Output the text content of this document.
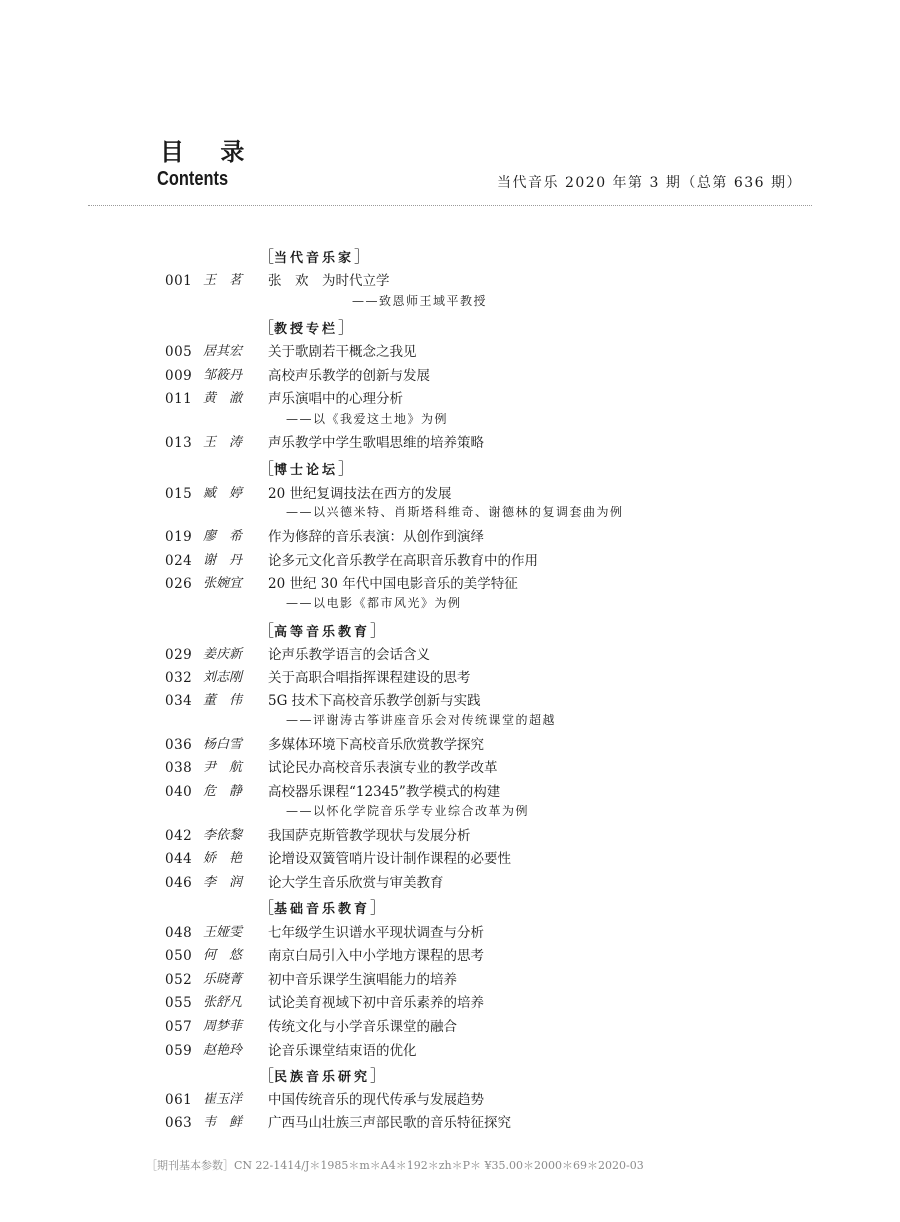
目 录
Contents	当代音乐 2020 年第 3 期（总第 636 期）
［当代音乐家］
001 王　茗 张　欢　为时代立学
——致恩师王域平教授
［教授专栏］
005 居其宏 关于歌剧若干概念之我见
009 邹筱丹 高校声乐教学的创新与发展
011 黄　澈 声乐演唱中的心理分析
——以《我爱这土地》为例
013 王　涛 声乐教学中学生歌唱思维的培养策略
［博士论坛］
015 臧　婷 20 世纪复调技法在西方的发展
——以兴德米特、肖斯塔科维奇、谢德林的复调套曲为例
019 廖　希 作为修辞的音乐表演：从创作到演绎
024 谢　丹 论多元文化音乐教学在高职音乐教育中的作用
026 张婉宜 20 世纪 30 年代中国电影音乐的美学特征
——以电影《都市风光》为例
［高等音乐教育］
029 姜庆新 论声乐教学语言的会话含义
032 刘志刚 关于高职合唱指挥课程建设的思考
034 董　伟 5G 技术下高校音乐教学创新与实践
——评谢涛古筝讲座音乐会对传统课堂的超越
036 杨白雪 多媒体环境下高校音乐欣赏教学探究
038 尹　航 试论民办高校音乐表演专业的教学改革
040 危　静 高校器乐课程“12345”教学模式的构建
——以怀化学院音乐学专业综合改革为例
042 李依黎 我国萨克斯管教学现状与发展分析
044 娇　艳 论增设双簧管哨片设计制作课程的必要性
046 李　润 论大学生音乐欣赏与审美教育
［基础音乐教育］
048 王娅雯 七年级学生识谱水平现状调查与分析
050 何　悠 南京白局引入中小学地方课程的思考
052 乐晓菁 初中音乐课学生演唱能力的培养
055 张舒凡 试论美育视域下初中音乐素养的培养
057 周梦菲 传统文化与小学音乐课堂的融合
059 赵艳玲 论音乐课堂结束语的优化
［民族音乐研究］
061 崔玉洋 中国传统音乐的现代传承与发展趋势
063 韦　鲜 广西马山壮族三声部民歌的音乐特征探究
［期刊基本参数］CN 22-1414/J＊1985＊m＊A4＊192＊zh＊P＊ ¥35.00＊2000＊69＊2020-03
